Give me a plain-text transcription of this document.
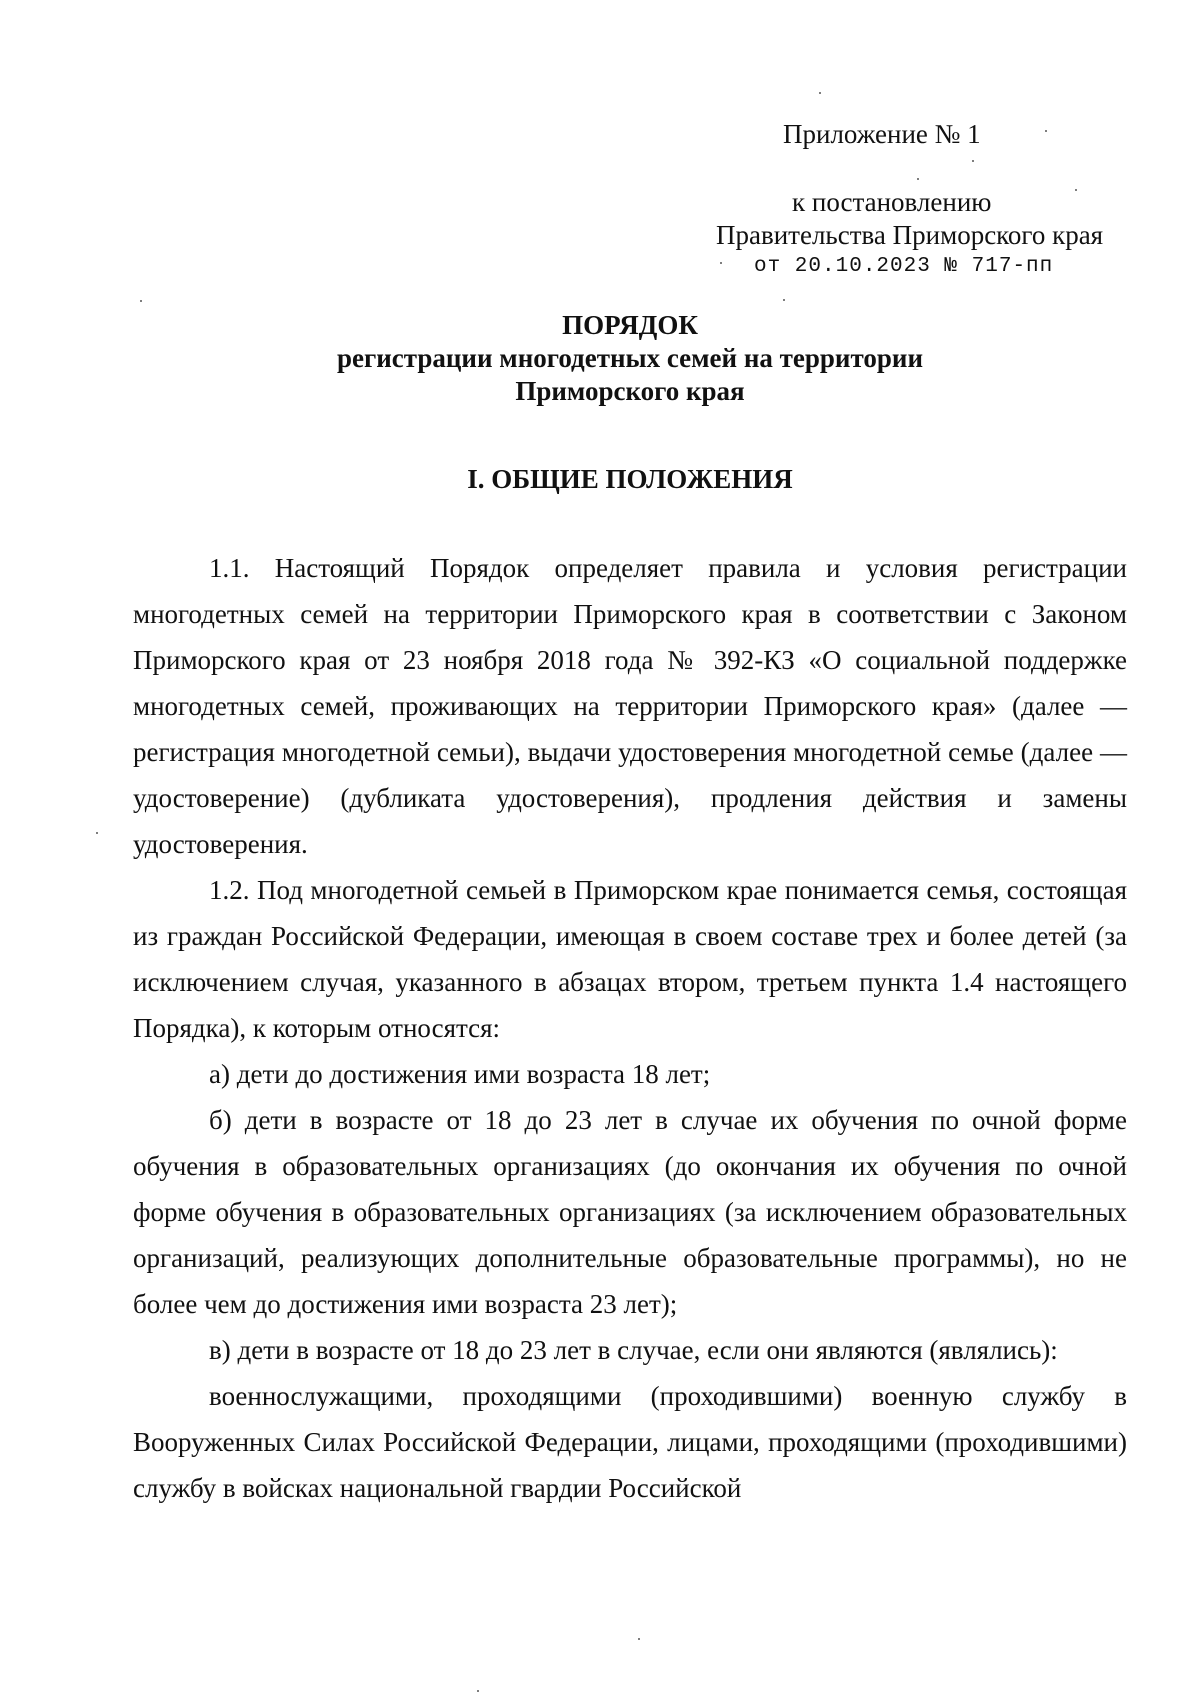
Приложение № 1
к постановлению
Правительства Приморского края
от 20.10.2023 № 717-пп
ПОРЯДОК
регистрации многодетных семей на территории
Приморского края
I. ОБЩИЕ ПОЛОЖЕНИЯ

1.1. Настоящий Порядок определяет правила и условия регистрации многодетных семей на территории Приморского края в соответствии с Законом Приморского края от 23 ноября 2018 года № 392-КЗ «О социальной поддержке многодетных семей, проживающих на территории Приморского края» (далее — регистрация многодетной семьи), выдачи удостоверения многодетной семье (далее — удостоверение) (дубликата удостоверения), продления действия и замены удостоверения.

1.2. Под многодетной семьей в Приморском крае понимается семья, состоящая из граждан Российской Федерации, имеющая в своем составе трех и более детей (за исключением случая, указанного в абзацах втором, третьем пункта 1.4 настоящего Порядка), к которым относятся:

а) дети до достижения ими возраста 18 лет;

б) дети в возрасте от 18 до 23 лет в случае их обучения по очной форме обучения в образовательных организациях (до окончания их обучения по очной форме обучения в образовательных организациях (за исключением образовательных организаций, реализующих дополнительные образовательные программы), но не более чем до достижения ими возраста 23 лет);

в) дети в возрасте от 18 до 23 лет в случае, если они являются (являлись):

военнослужащими, проходящими (проходившими) военную службу в Вооруженных Силах Российской Федерации, лицами, проходящими (проходившими) службу в войсках национальной гвардии Российской
